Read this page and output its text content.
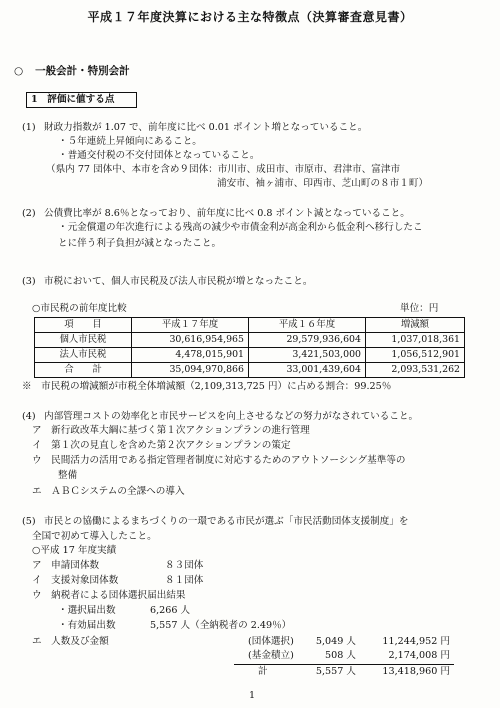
平成１７年度決算における主な特徴点（決算審査意見書）
○ 一般会計・特別会計
1　評価に値する点
(1) 財政力指数が 1.07 で、前年度に比べ 0.01 ポイント増となっていること。
・５年連続上昇傾向にあること。
・普通交付税の不交付団体となっていること。
（県内 77 団体中、本市を含め９団体：市川市、成田市、市原市、君津市、富津市
浦安市、袖ヶ浦市、印西市、芝山町の８市１町）
(2) 公債費比率が 8.6％となっており、前年度に比べ 0.8 ポイント減となっていること。
・元金償還の年次進行による残高の減少や市債金利が高金利から低金利へ移行したこ
とに伴う利子負担が減となったこと。
(3) 市税において、個人市民税及び法人市民税が増となったこと。
○市民税の前年度比較	単位：円
項　　目	平成１７年度	平成１６年度	増減額
個人市民税	30,616,954,965	29,579,936,604	1,037,018,361
法人市民税	4,478,015,901	3,421,503,000	1,056,512,901
合　　計	35,094,970,866	33,001,439,604	2,093,531,262
※　市民税の増減額が市税全体増減額（2,109,313,725 円）に占める割合：99.25％
(4) 内部管理コストの効率化と市民サービスを向上させるなどの努力がなされていること。
ア　新行政改革大綱に基づく第１次アクションプランの進行管理
イ　第１次の見直しを含めた第２次アクションプランの策定
ウ　民間活力の活用である指定管理者制度に対応するためのアウトソーシング基準等の
整備
エ　ＡＢＣシステムの全課への導入
(5) 市民との協働によるまちづくりの一環である市民が選ぶ「市民活動団体支援制度」を
全国で初めて導入したこと。
○平成 17 年度実績
ア　申請団体数	８３団体
イ　支援対象団体数	８１団体
ウ　納税者による団体選択届出結果
・選択届出数	6,266 人
・有効届出数	5,557 人（全納税者の 2.49％）
エ　人数及び金額	(団体選択)	5,049 人	11,244,952 円
(基金積立)	508 人	2,174,008 円
計	5,557 人	13,418,960 円
1
